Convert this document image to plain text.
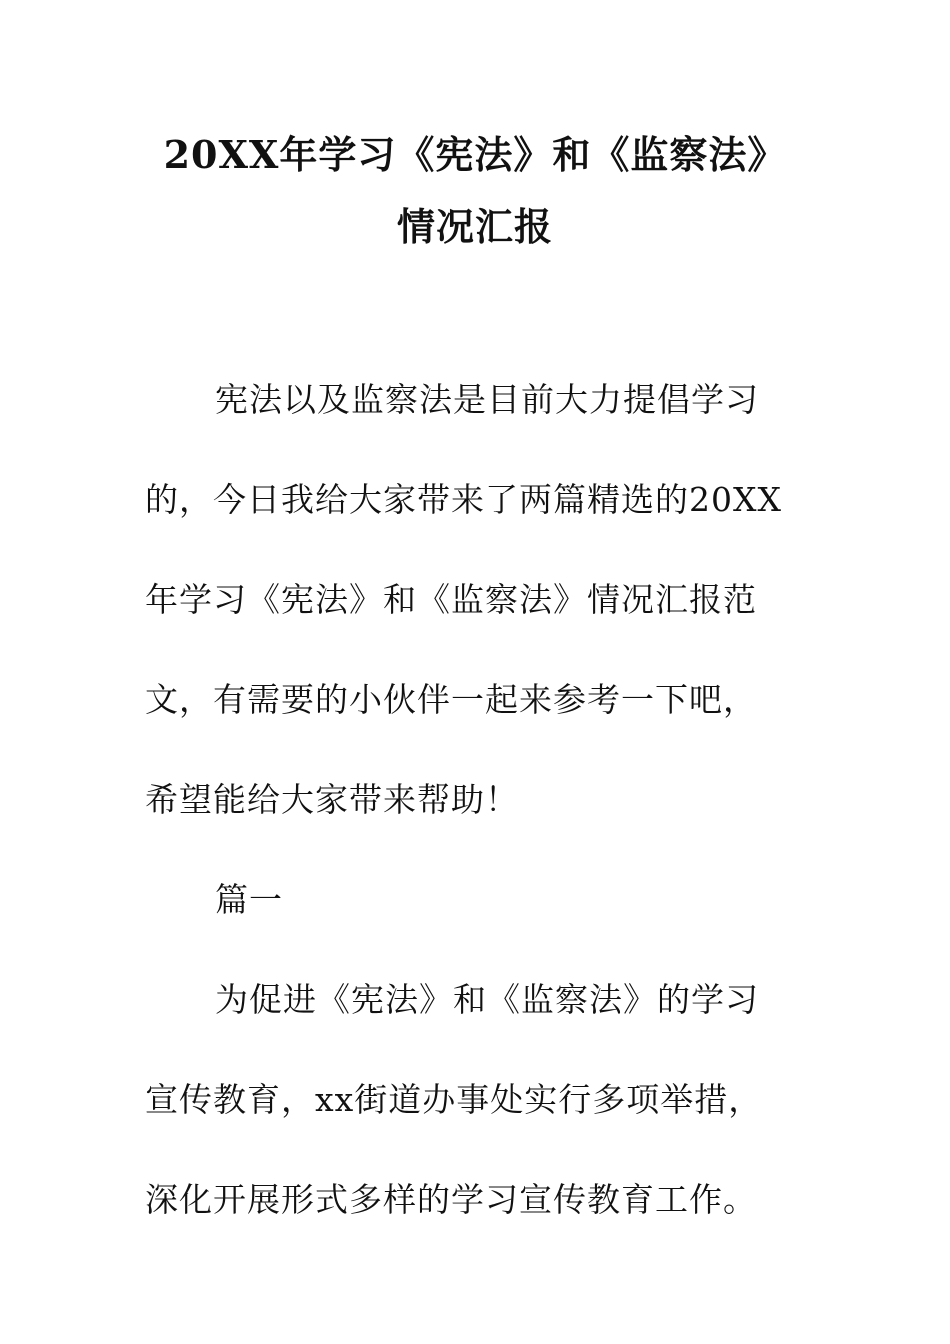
20XX年学习《宪法》和《监察法》
情况汇报
宪法以及监察法是目前大力提倡学习
的，今日我给大家带来了两篇精选的20XX
年学习《宪法》和《监察法》情况汇报范
文，有需要的小伙伴一起来参考一下吧，
希望能给大家带来帮助！
篇一
为促进《宪法》和《监察法》的学习
宣传教育，xx街道办事处实行多项举措，
深化开展形式多样的学习宣传教育工作。
